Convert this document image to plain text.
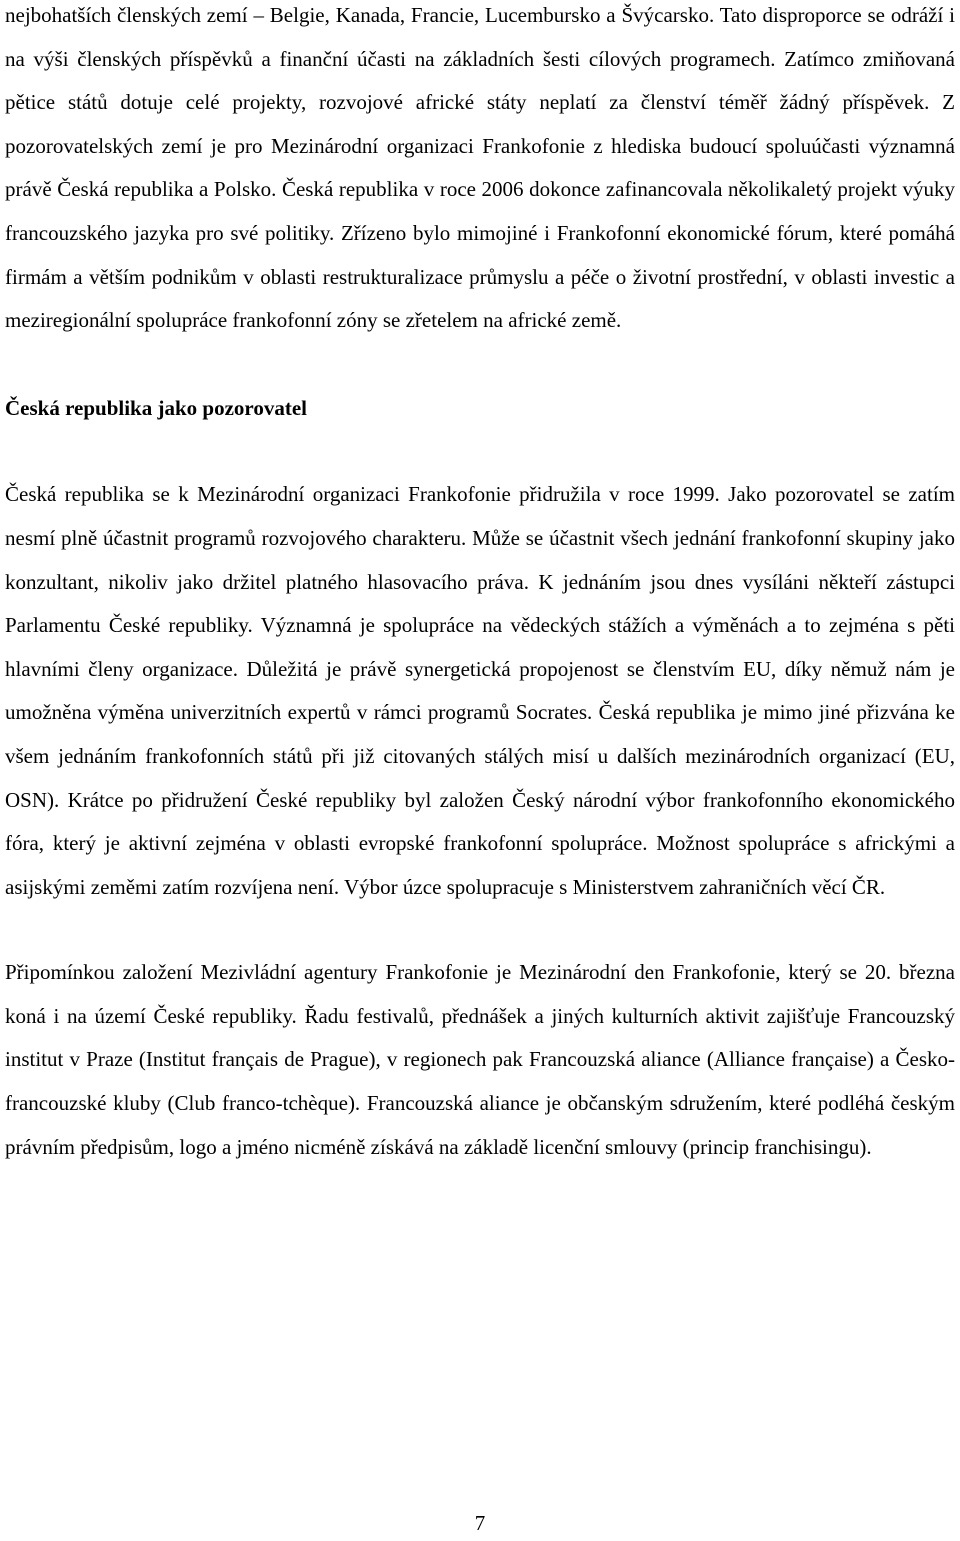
nejbohatších členských zemí – Belgie, Kanada, Francie, Lucembursko a Švýcarsko. Tato disproporce se odráží i na výši členských příspěvků a finanční účasti na základních šesti cílových programech. Zatímco zmiňovaná pětice států dotuje celé projekty, rozvojové africké státy neplatí za členství téměř žádný příspěvek. Z pozorovatelských zemí je pro Mezinárodní organizaci Frankofonie z hlediska budoucí spoluúčasti významná právě Česká republika a Polsko. Česká republika v roce 2006 dokonce zafinancovala několikaletý projekt výuky francouzského jazyka pro své politiky. Zřízeno bylo mimojiné i Frankofonní ekonomické fórum, které pomáhá firmám a větším podnikům v oblasti restrukturalizace průmyslu a péče o životní prostřední, v oblasti investic a meziregionální spolupráce frankofonní zóny se zřetelem na africké země.

Česká republika jako pozorovatel

Česká republika se k Mezinárodní organizaci Frankofonie přidružila v roce 1999. Jako pozorovatel se zatím nesmí plně účastnit programů rozvojového charakteru. Může se účastnit všech jednání frankofonní skupiny jako konzultant, nikoliv jako držitel platného hlasovacího práva. K jednáním jsou dnes vysíláni někteří zástupci Parlamentu České republiky. Významná je spolupráce na vědeckých stážích a výměnách a to zejména s pěti hlavními členy organizace. Důležitá je právě synergetická propojenost se členstvím EU, díky němuž nám je umožněna výměna univerzitních expertů v rámci programů Socrates. Česká republika je mimo jiné přizvána ke všem jednáním frankofonních států při již citovaných stálých misí u dalších mezinárodních organizací (EU, OSN). Krátce po přidružení České republiky byl založen Český národní výbor frankofonního ekonomického fóra, který je aktivní zejména v oblasti evropské frankofonní spolupráce. Možnost spolupráce s africkými a asijskými zeměmi zatím rozvíjena není. Výbor úzce spolupracuje s Ministerstvem zahraničních věcí ČR.

Připomínkou založení Mezivládní agentury Frankofonie je Mezinárodní den Frankofonie, který se 20. března koná i na území České republiky. Řadu festivalů, přednášek a jiných kulturních aktivit zajišťuje Francouzský institut v Praze (Institut français de Prague), v regionech pak Francouzská aliance (Alliance française) a Česko-francouzské kluby (Club franco-tchèque). Francouzská aliance je občanským sdružením, které podléhá českým právním předpisům, logo a jméno nicméně získává na základě licenční smlouvy (princip franchisingu).

7
